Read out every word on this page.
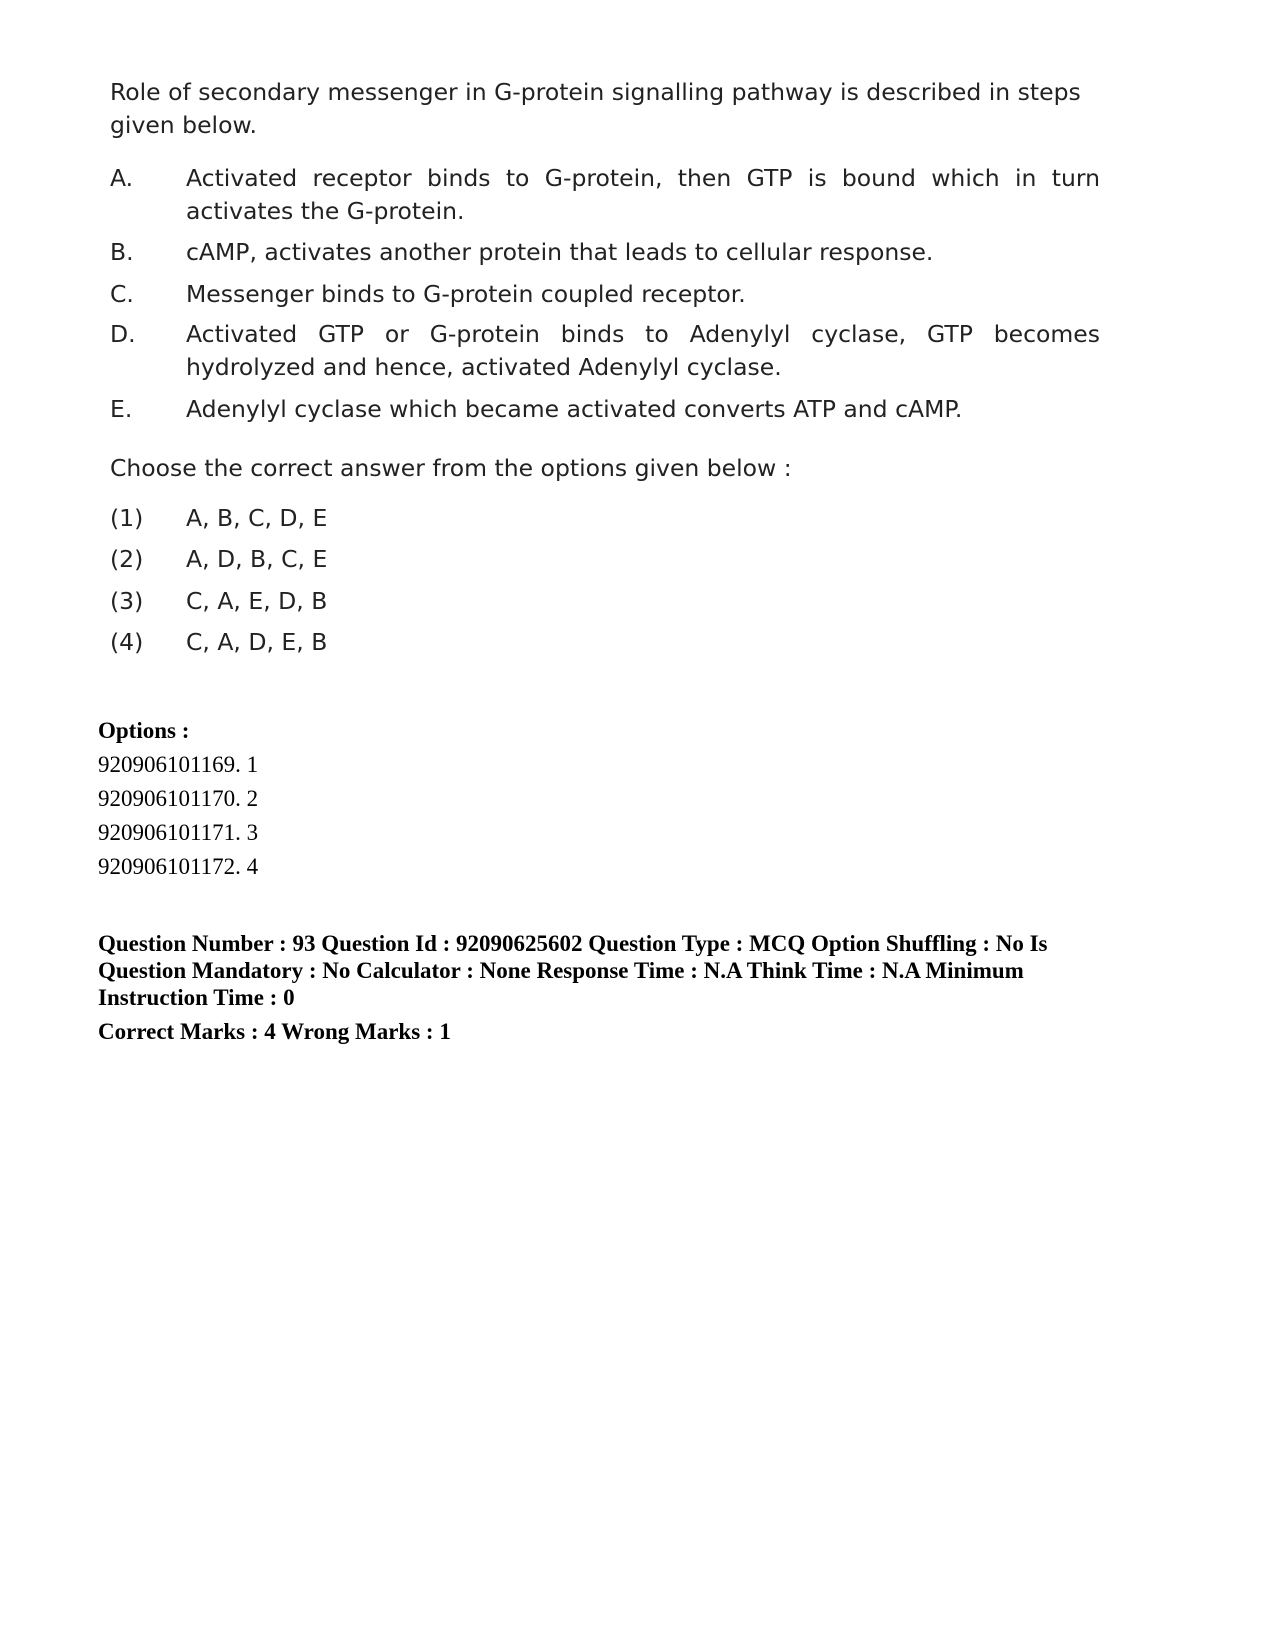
Role of secondary messenger in G-protein signalling pathway is described in steps given below.

A.	Activated receptor binds to G-protein, then GTP is bound which in turn activates the G-protein.
B.	cAMP, activates another protein that leads to cellular response.
C.	Messenger binds to G-protein coupled receptor.
D.	Activated GTP or G-protein binds to Adenylyl cyclase, GTP becomes hydrolyzed and hence, activated Adenylyl cyclase.
E.	Adenylyl cyclase which became activated converts ATP and cAMP.
Choose the correct answer from the options given below :
(1)	A, B, C, D, E
(2)	A, D, B, C, E
(3)	C, A, E, D, B
(4)	C, A, D, E, B
Options :
920906101169. 1
920906101170. 2
920906101171. 3
920906101172. 4
Question Number : 93 Question Id : 92090625602 Question Type : MCQ Option Shuffling : No Is Question Mandatory : No Calculator : None Response Time : N.A Think Time : N.A Minimum Instruction Time : 0
Correct Marks : 4 Wrong Marks : 1
